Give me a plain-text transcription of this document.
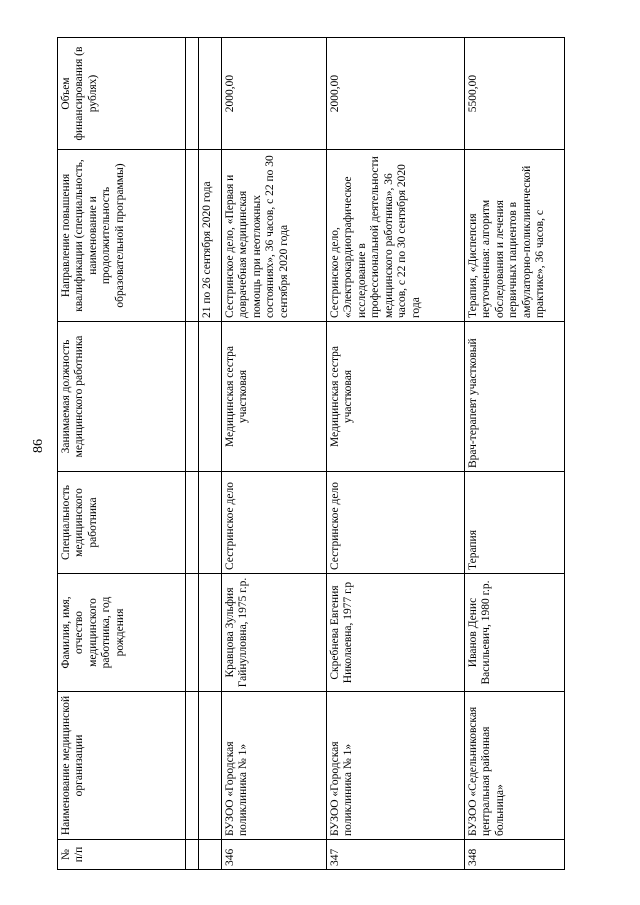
86
№ п/п	Наименование медицинской организации	Фамилия, имя, отчество медицинского работника, год рождения	Специальность медицинского работника	Занимаемая должность медицинского работника	Направление повышения квалификации (специальность, наименование и продолжительность образовательной программы)	Объем финансирования (в рублях)

					21 по 26 сентября 2020 года	
346	БУЗОО «Городская поликлиника № 1»	Кравцова Зульфия Гайнулловна, 1975 г.р.	Сестринское дело	Медицинская сестра участковая	Сестринское дело, «Первая и доврачебная медицинская помощь при неотложных состояниях», 36 часов, с 22 по 30 сентября 2020 года	2000,00
347	БУЗОО «Городская поликлиника № 1»	Скребнева Евгения Николаевна, 1977 г.р	Сестринское дело	Медицинская сестра участковая	Сестринское дело, «Электрокардиографическое исследование в профессиональной деятельности медицинского работника», 36 часов, с 22 по 30 сентября 2020 года	2000,00
348	БУЗОО «Седельниковская центральная районная больница»	Иванов Денис Васильевич, 1980 г.р.	Терапия	Врач-терапевт участковый	Терапия, «Диспепсия неуточненная: алгоритм обследования и лечения первичных пациентов в амбулаторно-поликлинической практике», 36 часов, с	5500,00
